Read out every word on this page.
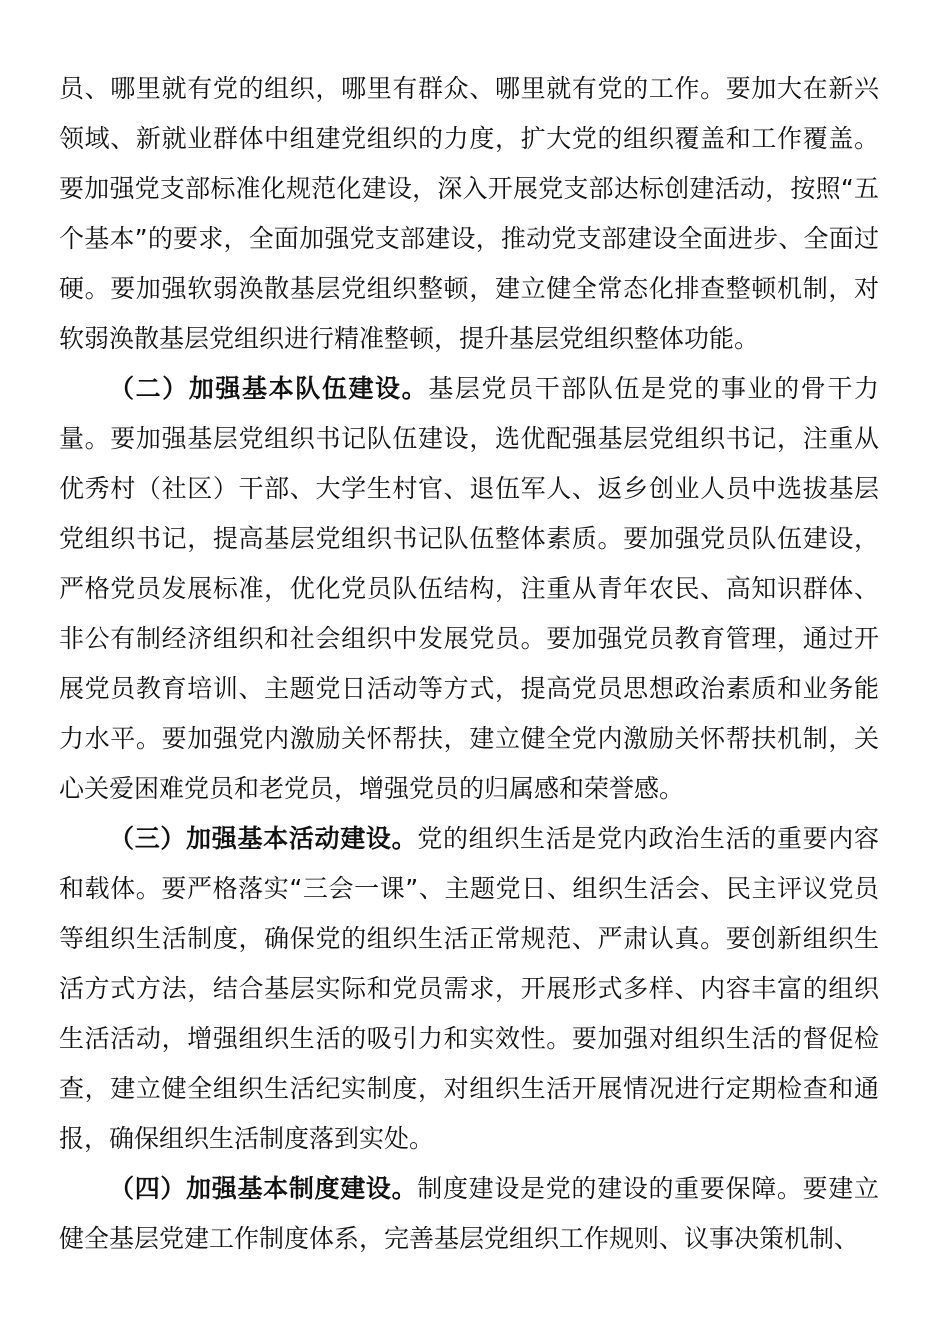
员、哪里就有党的组织，哪里有群众、哪里就有党的工作。要加大在新兴领域、新就业群体中组建党组织的力度，扩大党的组织覆盖和工作覆盖。要加强党支部标准化规范化建设，深入开展党支部达标创建活动，按照“五个基本”的要求，全面加强党支部建设，推动党支部建设全面进步、全面过硬。要加强软弱涣散基层党组织整顿，建立健全常态化排查整顿机制，对软弱涣散基层党组织进行精准整顿，提升基层党组织整体功能。

（二）加强基本队伍建设。基层党员干部队伍是党的事业的骨干力量。要加强基层党组织书记队伍建设，选优配强基层党组织书记，注重从优秀村（社区）干部、大学生村官、退伍军人、返乡创业人员中选拔基层党组织书记，提高基层党组织书记队伍整体素质。要加强党员队伍建设，严格党员发展标准，优化党员队伍结构，注重从青年农民、高知识群体、非公有制经济组织和社会组织中发展党员。要加强党员教育管理，通过开展党员教育培训、主题党日活动等方式，提高党员思想政治素质和业务能力水平。要加强党内激励关怀帮扶，建立健全党内激励关怀帮扶机制，关心关爱困难党员和老党员，增强党员的归属感和荣誉感。

（三）加强基本活动建设。党的组织生活是党内政治生活的重要内容和载体。要严格落实“三会一课”、主题党日、组织生活会、民主评议党员等组织生活制度，确保党的组织生活正常规范、严肃认真。要创新组织生活方式方法，结合基层实际和党员需求，开展形式多样、内容丰富的组织生活活动，增强组织生活的吸引力和实效性。要加强对组织生活的督促检查，建立健全组织生活纪实制度，对组织生活开展情况进行定期检查和通报，确保组织生活制度落到实处。

（四）加强基本制度建设。制度建设是党的建设的重要保障。要建立健全基层党建工作制度体系，完善基层党组织工作规则、议事决策机制、
